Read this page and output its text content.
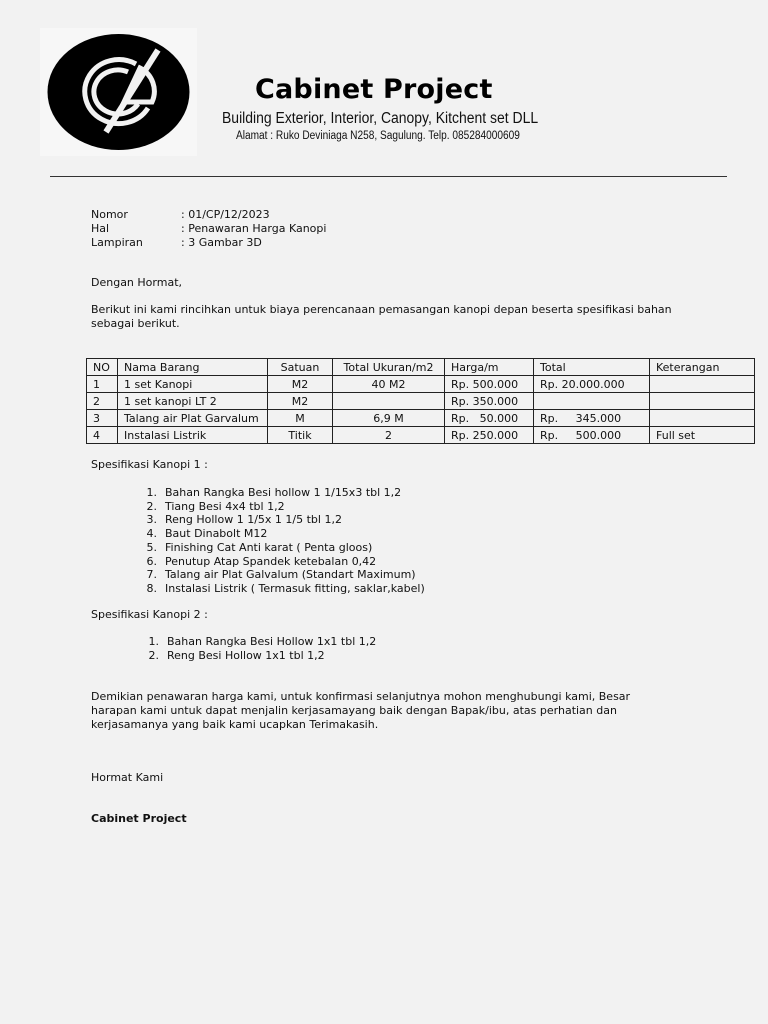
Cabinet Project
Building Exterior, Interior, Canopy, Kitchent set DLL
Alamat : Ruko Deviniaga N258, Sagulung. Telp. 085284000609
Nomor	: 01/CP/12/2023
Hal	: Penawaran Harga Kanopi
Lampiran	: 3 Gambar 3D
Dengan Hormat,
Berikut ini kami rincihkan untuk biaya perencanaan pemasangan kanopi depan beserta spesifikasi bahan sebagai berikut.
NO	Nama Barang	Satuan	Total Ukuran/m2	Harga/m	Total	Keterangan
1	1 set Kanopi	M2	40 M2	Rp. 500.000	Rp. 20.000.000	
2	1 set kanopi LT 2	M2		Rp. 350.000		
3	Talang air Plat Garvalum	M	6,9 M	Rp.   50.000	Rp.     345.000	
4	Instalasi Listrik	Titik	2	Rp. 250.000	Rp.     500.000	Full set
Spesifikasi Kanopi 1 :
1. Bahan Rangka Besi hollow 1 1/15x3 tbl 1,2
2. Tiang Besi 4x4 tbl 1,2
3. Reng Hollow 1 1/5x 1 1/5 tbl 1,2
4. Baut Dinabolt M12
5. Finishing Cat Anti karat ( Penta gloos)
6. Penutup Atap Spandek ketebalan 0,42
7. Talang air Plat Galvalum (Standart Maximum)
8. Instalasi Listrik ( Termasuk fitting, saklar,kabel)
Spesifikasi Kanopi 2 :
1. Bahan Rangka Besi Hollow 1x1 tbl 1,2
2. Reng Besi Hollow 1x1 tbl 1,2
Demikian penawaran harga kami, untuk konfirmasi selanjutnya mohon menghubungi kami, Besar harapan kami untuk dapat menjalin kerjasamayang baik dengan Bapak/ibu, atas perhatian dan kerjasamanya yang baik kami ucapkan Terimakasih.
Hormat Kami
Cabinet Project
